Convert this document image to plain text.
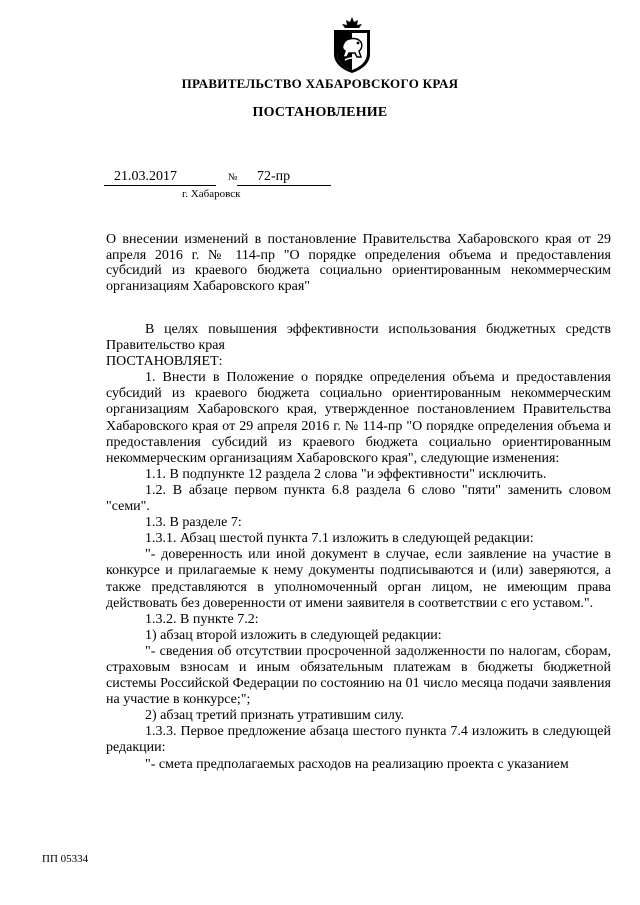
ПРАВИТЕЛЬСТВО ХАБАРОВСКОГО КРАЯ
ПОСТАНОВЛЕНИЕ
21.03.2017	№ 72-пр
г. Хабаровск
О внесении изменений в постановление Правительства Хабаровского края от 29 апреля 2016 г. № 114-пр "О порядке определения объема и предоставления субсидий из краевого бюджета социально ориентированным некоммерческим организациям Хабаровского края"

В целях повышения эффективности использования бюджетных средств Правительство края

ПОСТАНОВЛЯЕТ:

1. Внести в Положение о порядке определения объема и предоставления субсидий из краевого бюджета социально ориентированным некоммерческим организациям Хабаровского края, утвержденное постановлением Правительства Хабаровского края от 29 апреля 2016 г. № 114-пр "О порядке определения объема и предоставления субсидий из краевого бюджета социально ориентированным некоммерческим организациям Хабаровского края", следующие изменения:

1.1. В подпункте 12 раздела 2 слова "и эффективности" исключить.

1.2. В абзаце первом пункта 6.8 раздела 6 слово "пяти" заменить словом "семи".

1.3. В разделе 7:

1.3.1. Абзац шестой пункта 7.1 изложить в следующей редакции:

"- доверенность или иной документ в случае, если заявление на участие в конкурсе и прилагаемые к нему документы подписываются и (или) заверяются, а также представляются в уполномоченный орган лицом, не имеющим права действовать без доверенности от имени заявителя в соответствии с его уставом.".

1.3.2. В пункте 7.2:

1) абзац второй изложить в следующей редакции:

"- сведения об отсутствии просроченной задолженности по налогам, сборам, страховым взносам и иным обязательным платежам в бюджеты бюджетной системы Российской Федерации по состоянию на 01 число месяца подачи заявления на участие в конкурсе;";

2) абзац третий признать утратившим силу.

1.3.3. Первое предложение абзаца шестого пункта 7.4 изложить в следующей редакции:

"- смета предполагаемых расходов на реализацию проекта с указанием

ПП 05334
